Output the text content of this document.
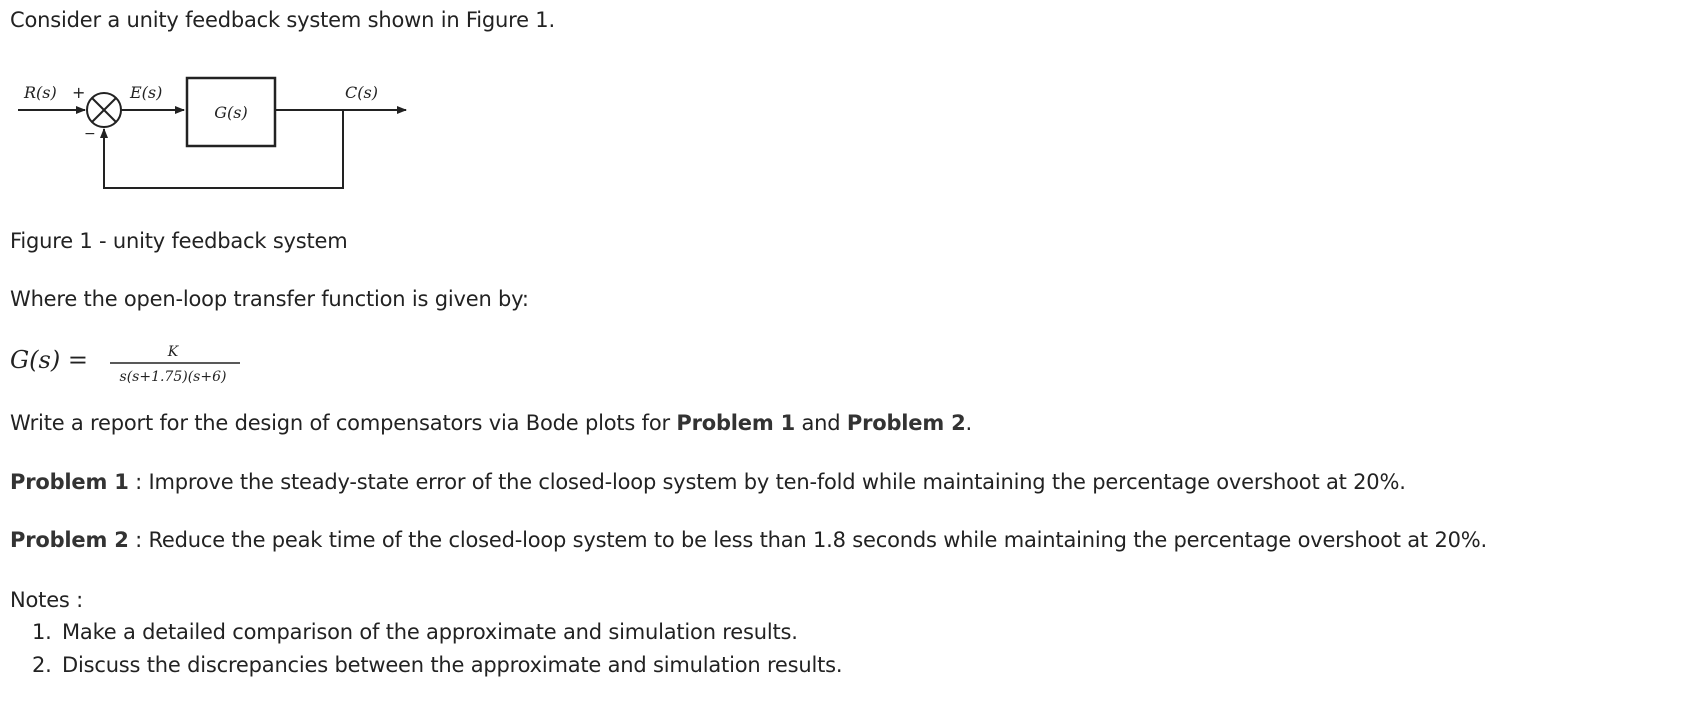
Consider a unity feedback system shown in Figure 1.
R(s) +
−
E(s)
G(s)
C(s)
Figure 1 - unity feedback system
Where the open-loop transfer function is given by:
G(s) =	K
s(s+1.75)(s+6)
Write a report for the design of compensators via Bode plots for Problem 1 and Problem 2.
Problem 1 : Improve the steady-state error of the closed-loop system by ten-fold while maintaining the percentage overshoot at 20%.
Problem 2 : Reduce the peak time of the closed-loop system to be less than 1.8 seconds while maintaining the percentage overshoot at 20%.
Notes :
1. Make a detailed comparison of the approximate and simulation results.
2. Discuss the discrepancies between the approximate and simulation results.
